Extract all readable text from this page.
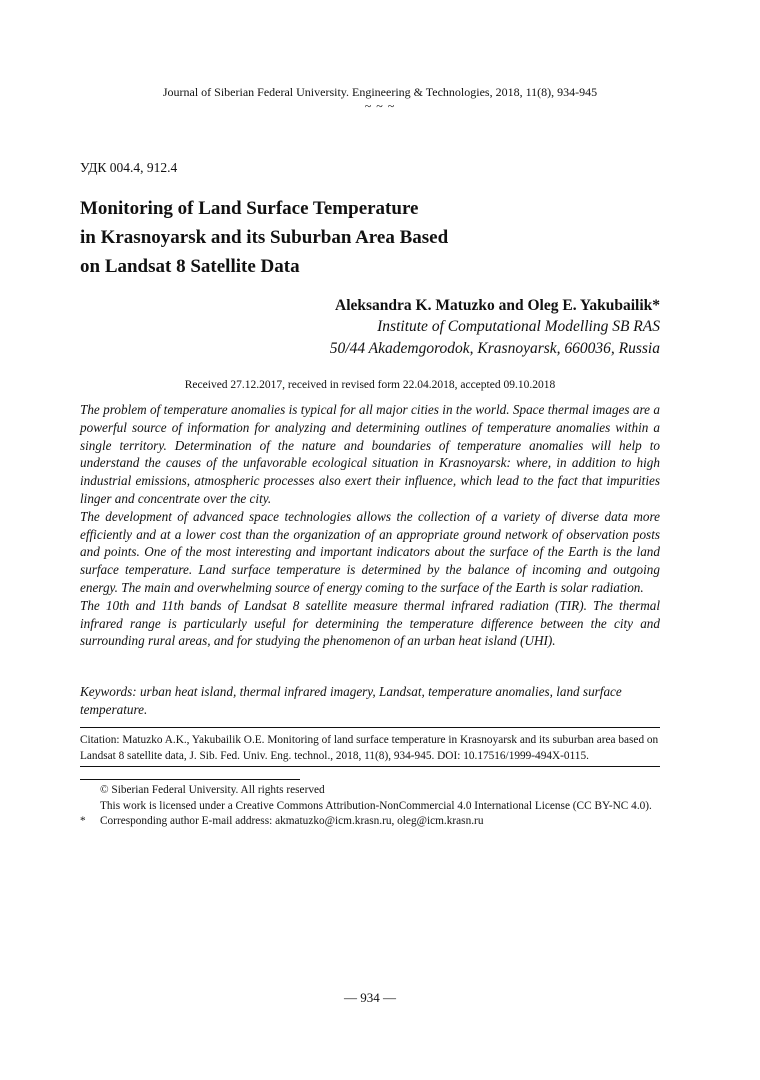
Journal of Siberian Federal University. Engineering & Technologies, 2018, 11(8), 934-945
~ ~ ~
УДК 004.4, 912.4
Monitoring of Land Surface Temperature
in Krasnoyarsk and its Suburban Area Based
on Landsat 8 Satellite Data
Aleksandra K. Matuzko and Oleg E. Yakubailik*
Institute of Computational Modelling SB RAS
50/44 Akademgorodok, Krasnoyarsk, 660036, Russia
Received 27.12.2017, received in revised form 22.04.2018, accepted 09.10.2018

The problem of temperature anomalies is typical for all major cities in the world. Space thermal images are a powerful source of information for analyzing and determining outlines of temperature anomalies within a single territory. Determination of the nature and boundaries of temperature anomalies will help to understand the causes of the unfavorable ecological situation in Krasnoyarsk: where, in addition to high industrial emissions, atmospheric processes also exert their influence, which lead to the fact that impurities linger and concentrate over the city.

The development of advanced space technologies allows the collection of a variety of diverse data more efficiently and at a lower cost than the organization of an appropriate ground network of observation posts and points. One of the most interesting and important indicators about the surface of the Earth is the land surface temperature. Land surface temperature is determined by the balance of incoming and outgoing energy. The main and overwhelming source of energy coming to the surface of the Earth is solar radiation.

The 10th and 11th bands of Landsat 8 satellite measure thermal infrared radiation (TIR). The thermal infrared range is particularly useful for determining the temperature difference between the city and surrounding rural areas, and for studying the phenomenon of an urban heat island (UHI).

Keywords: urban heat island, thermal infrared imagery, Landsat, temperature anomalies, land surface temperature.
Citation: Matuzko A.K., Yakubailik O.E. Monitoring of land surface temperature in Krasnoyarsk and its suburban area based on Landsat 8 satellite data, J. Sib. Fed. Univ. Eng. technol., 2018, 11(8), 934-945. DOI: 10.17516/1999-494X-0115.
© Siberian Federal University. All rights reserved
This work is licensed under a Creative Commons Attribution-NonCommercial 4.0 International License (CC BY-NC 4.0).
*	Corresponding author E-mail address: akmatuzko@icm.krasn.ru, oleg@icm.krasn.ru
— 934 —
